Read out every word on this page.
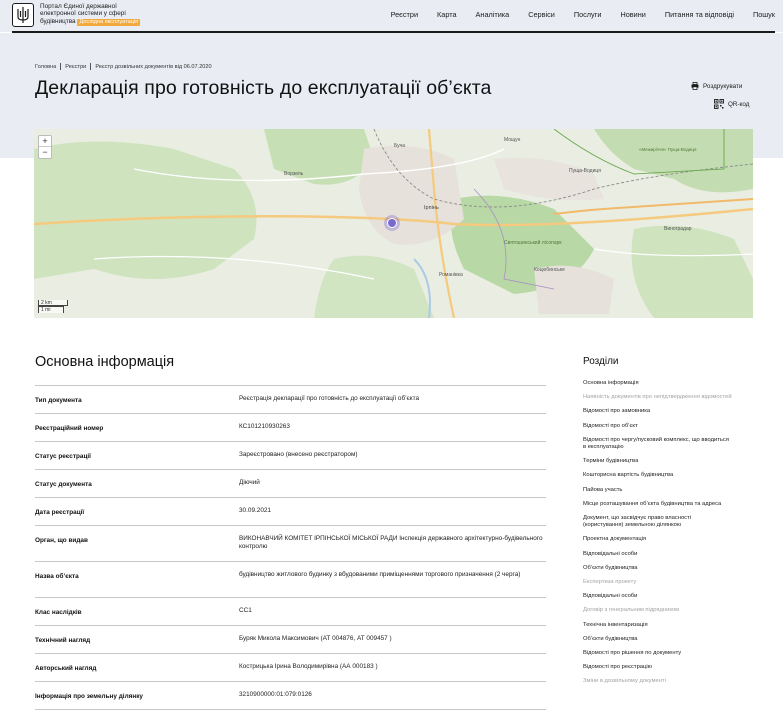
Портал Єдиної державної
електронної системи у сфері
будівництва Дослідна експлуатація
Реєстри	Карта	Аналітика	Сервіси	Послуги	Новини	Питання та відповіді	Пошук
Головна Реєстри Реєстр дозвільних документів від 06.07.2020
Декларація про готовність до експлуатації об’єкта	Роздрукувати
QR-код
Ворзель
Буча
Ірпінь
Романівка
Коцюбинське
Святошинський лісопарк
Пуща-Водиця
Виноградар
Мощун
«Межиріччя» Пуща-Водиця
+
−
2 km
1 mi
Основна інформація
Тип документа	Реєстрація декларації про готовність до експлуатації об’єкта
Реєстраційний номер	КС101210930263
Статус реєстрації	Зареєстровано (внесено реєстратором)
Статус документа	Діючий
Дата реєстрації	30.09.2021
Орган, що видав	ВИКОНАВЧИЙ КОМІТЕТ ІРПІНСЬКОЇ МІСЬКОЇ РАДИ Інспекція державного архітектурно-будівельного контролю
Назва об’єкта	будівництво житлового будинку з вбудованими приміщеннями торгового призначення (2 черга)
Клас наслідків	СС1
Технічний нагляд	Буряк Микола Максимович (АТ 004876, АТ 009457 )
Авторський нагляд	Кострицька Ірина Володимирівна (АА 000183 )
Інформація про земельну ділянку	3210900000:01:079:0126
Розділи
Основна інформація
Наявність документів про непідтвердження відомостей
Відомості про замовника
Відомості про об’єкт
Відомості про чергу/пусковий комплекс, що вводиться в експлуатацію
Терміни будівництва
Кошторисна вартість будівництва
Пайова участь
Місце розташування об’єкта будівництва та адреса
Документ, що засвідчує право власності (користування) земельною ділянкою
Проектна документація
Відповідальні особи
Об’єкти будівництва
Експертиза проекту
Відповідальні особи
Договір з генеральним підрядником
Технічна інвентаризація
Об’єкти будівництва
Відомості про рішення по документу
Відомості про реєстрацію
Зміни в дозвільному документі
